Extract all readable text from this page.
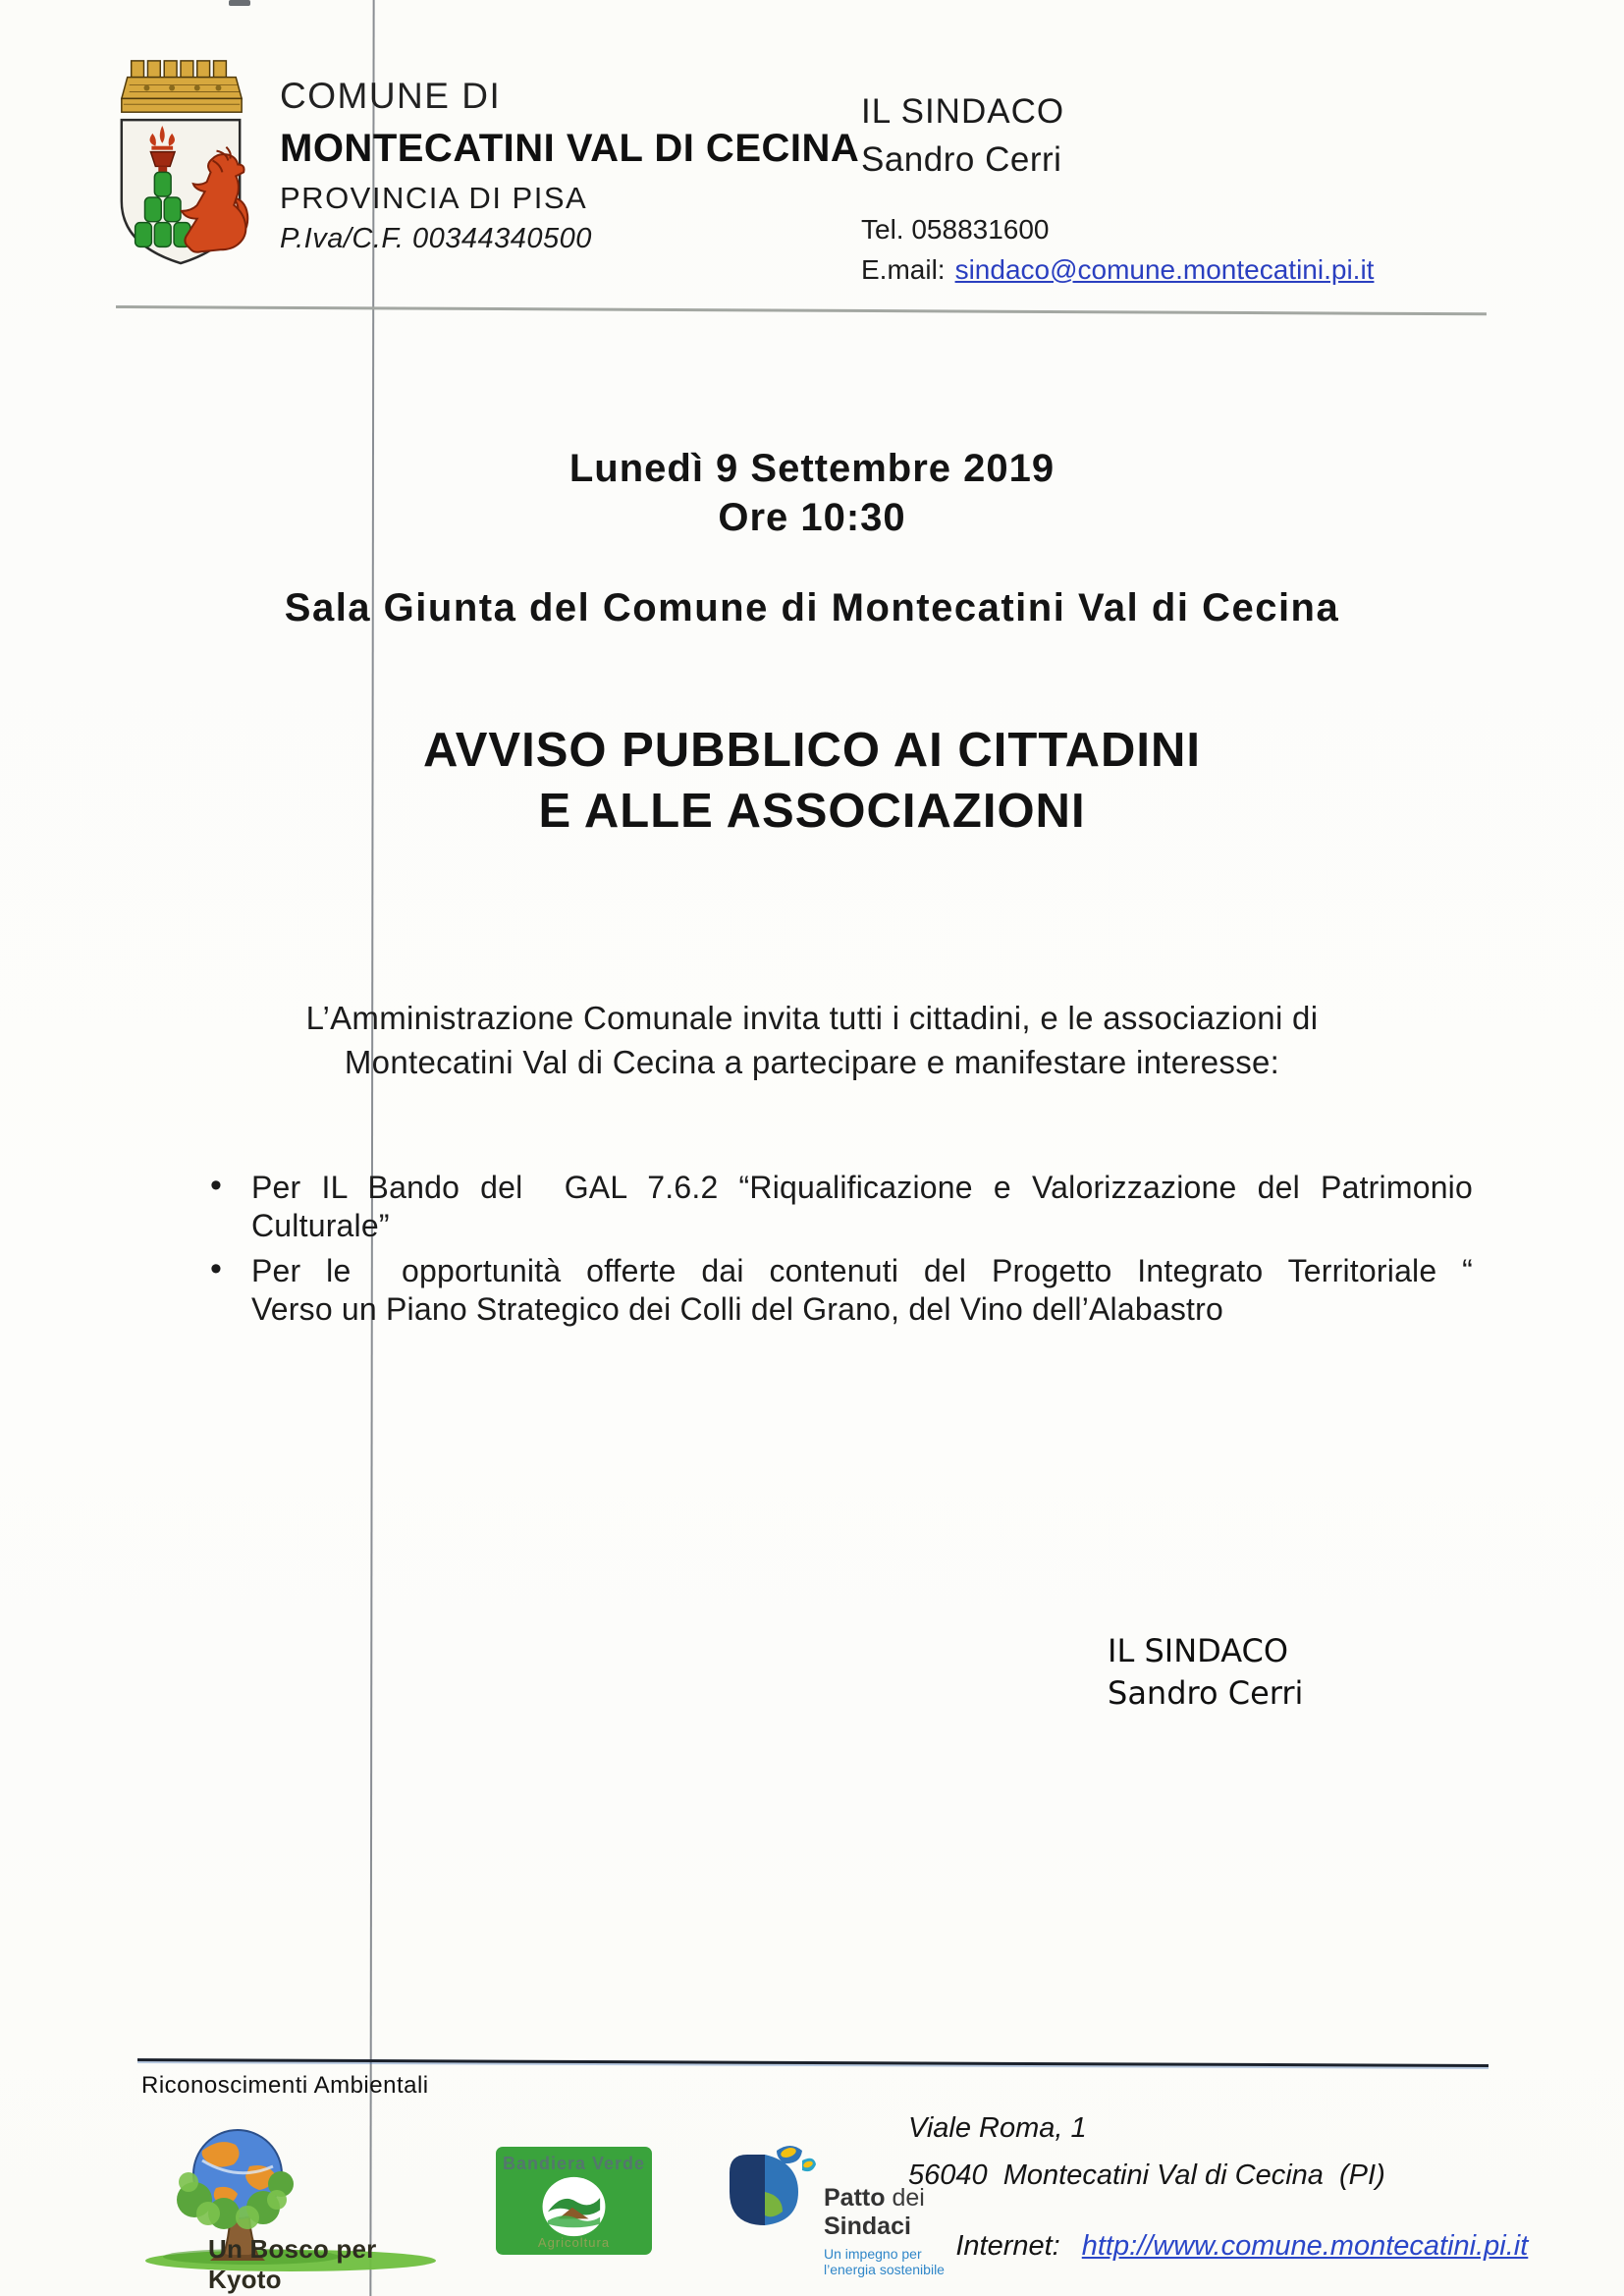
COMUNE DI
MONTECATINI VAL DI CECINA
PROVINCIA DI PISA
P.Iva/C.F. 00344340500
IL SINDACO
Sandro Cerri
Tel. 058831600
E.mail: sindaco@comune.montecatini.pi.it
Lunedì 9 Settembre 2019
Ore 10:30
Sala Giunta del Comune di Montecatini Val di Cecina
AVVISO PUBBLICO AI CITTADINI
E ALLE ASSOCIAZIONI
L’Amministrazione Comunale invita tutti i cittadini, e le associazioni di
Montecatini Val di Cecina a partecipare e manifestare interesse:
• Per IL Bando del  GAL 7.6.2 “Riqualificazione e Valorizzazione del Patrimonio
Culturale”
• Per le  opportunità offerte dai contenuti del Progetto Integrato Territoriale “
Verso un Piano Strategico dei Colli del Grano, del Vino dell’Alabastro
IL SINDACO
Sandro Cerri
Riconoscimenti Ambientali
Un Bosco per Kyoto
Bandiera Verde
Agricoltura
Patto dei
Sindaci
Un impegno per
l’energia sostenibile
Viale Roma, 1
56040  Montecatini Val di Cecina  (PI)

Internet: http://www.comune.montecatini.pi.it
